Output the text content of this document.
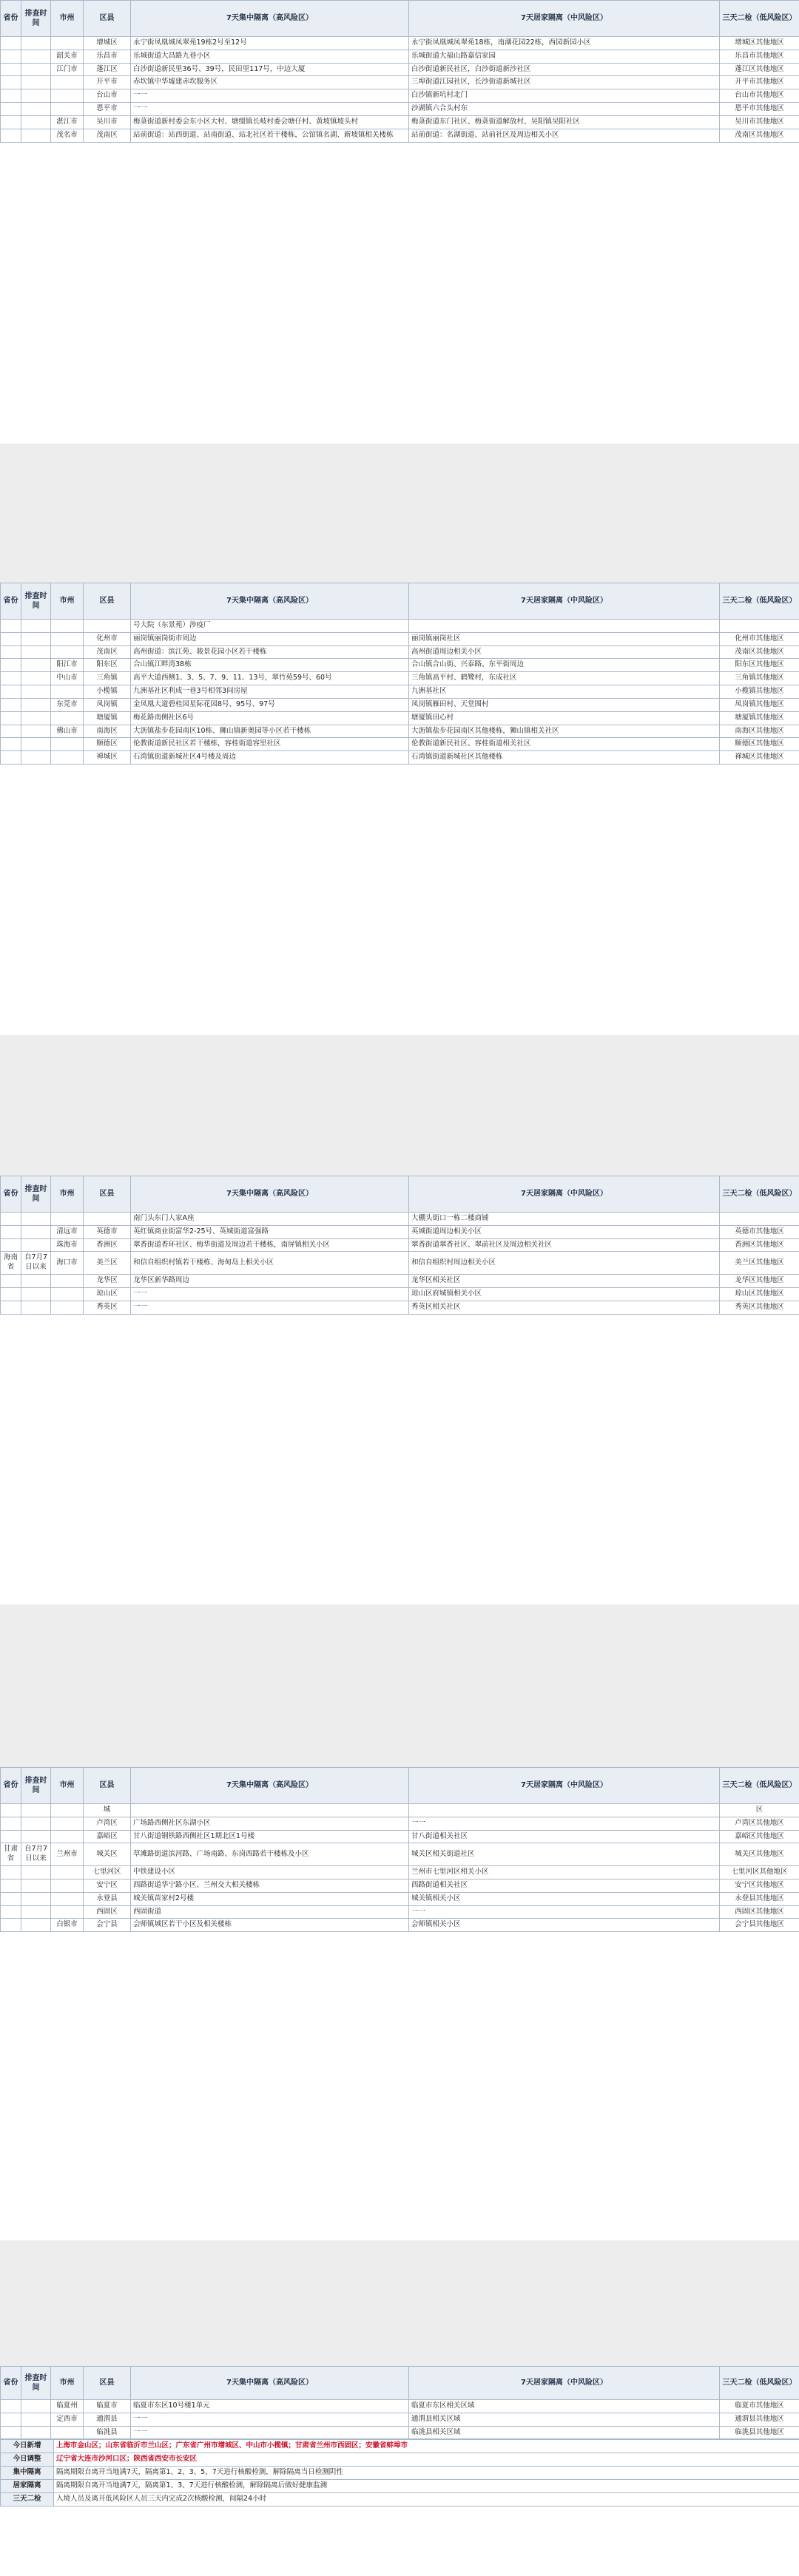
省份	排查时间	市州	区县	7天集中隔离（高风险区）	7天居家隔离（中风险区）	三天二检（低风险区）
			增城区	永宁街凤凰城凤翠苑19栋2号至12号	永宁街凤凰城凤翠苑18栋，南湖花园22栋，西园新园小区	增城区其他地区
		韶关市	乐昌市	乐城街道大昌路九巷小区	乐城街道大福山路嘉信家园	乐昌市其他地区
		江门市	蓬江区	白沙街道新民里36号、39号，民田里117号，中边大厦	白沙街道新民社区，白沙街道新沙社区	蓬江区其他地区
			开平市	赤坎镇中华墟建赤坎服务区	三埠街道江园社区，长沙街道新城社区	开平市其他地区
			台山市	一一	白沙镇新坑村北门	台山市其他地区
			恩平市	一一	沙湖镇六合头村东	恩平市其他地区
		湛江市	吴川市	梅菉街道新村委会东小区大村、塘缀镇长岐村委会塘仔村、黄坡镇坡头村	梅菉街道东门社区、梅菉街道解放村、吴阳镇吴阳社区	吴川市其他地区
		茂名市	茂南区	站前街道：站西街道、站南街道、站北社区若干楼栋，公馆镇名湖、新坡镇相关楼栋	站前街道：名湖街道、站前社区及周边相关小区	茂南区其他地区
省份	排查时间	市州	区县	7天集中隔离（高风险区）	7天居家隔离（中风险区）	三天二检（低风险区）
				号大院（东景苑）涉疫厂		
			化州市	丽岗镇丽岗街市周边	丽岗镇丽岗社区	化州市其他地区
			茂南区	高州街道：滨江苑、骏景花园小区若干楼栋	高州街道周边相关小区	茂南区其他地区
		阳江市	阳东区	合山镇江畔湾38栋	合山镇合山街、兴泰路、东平街周边	阳东区其他地区
		中山市	三角镇	高平大道西侧1、3、5、7、9、11、13号，翠竹苑59号、60号	三角镇高平村、鹤鹭村，东成社区	三角镇其他地区
			小榄镇	九洲基社区利成一巷3号相邻3间房屋	九洲基社区	小榄镇其他地区
		东莞市	凤岗镇	金凤凰大道碧桂园星际花园8号、95号、97号	凤岗镇雁田村、天堂围村	凤岗镇其他地区
			塘厦镇	梅花路南侧社区6号	塘厦镇田心村	塘厦镇其他地区
		佛山市	南海区	大沥镇盐步花园南区10栋、狮山镇新奥园等小区若干楼栋	大沥镇盐步花园南区其他楼栋，狮山镇相关社区	南海区其他地区
			顺德区	伦教街道新民社区若干楼栋，容桂街道容里社区	伦教街道新民社区、容桂街道相关社区	顺德区其他地区
			禅城区	石湾镇街道新城社区4号楼及周边	石湾镇街道新城社区其他楼栋	禅城区其他地区
省份	排查时间	市州	区县	7天集中隔离（高风险区）	7天居家隔离（中风险区）	三天二检（低风险区）
				南门头东门人家A座	大棚头街口一栋二楼商铺	
		清远市	英德市	英红镇商业街富华2-25号、英城街道富强路	英城街道周边相关小区	英德市其他地区
		珠海市	香洲区	翠香街道香环社区、梅华街道及周边若干楼栋，南屏镇相关小区	翠香街道翠香社区、翠前社区及周边相关社区	香洲区其他地区
海南省	自7月7日以来	海口市	美兰区	和信自组织村镇若干楼栋、海甸岛上相关小区	和信自组织村周边相关小区	美兰区其他地区
			龙华区	龙华区新华路周边	龙华区相关社区	龙华区其他地区
			琼山区	一一	琼山区府城镇相关小区	琼山区其他地区
			秀英区	一一	秀英区相关社区	秀英区其他地区
省份	排查时间	市州	区县	7天集中隔离（高风险区）	7天居家隔离（中风险区）	三天二检（低风险区）
			城			区
			卢湾区	广场路西侧社区东湖小区	一一	卢湾区其他地区
			嘉峪区	甘八街道钢铁路西侧社区1期北区1号楼	甘八街道相关社区	嘉峪区其他地区
甘肃省	自7月7日以来	兰州市	城关区	草滩路街道滨河路、广场南路、东岗西路若干楼栋及小区	城关区相关街道社区	城关区其他地区
			七里河区	中铁建设小区	兰州市七里河区相关小区	七里河区其他地区
			安宁区	西路街道华宁路小区、兰州交大相关楼栋	西路街道相关社区	安宁区其他地区
			永登县	城关镇苗家村2号楼	城关镇相关小区	永登县其他地区
			西固区	西固街道	一一	西固区其他地区
		白银市	会宁县	会师镇城区若干小区及相关楼栋	会师镇相关小区	会宁县其他地区
省份	排查时间	市州	区县	7天集中隔离（高风险区）	7天居家隔离（中风险区）	三天二检（低风险区）
		临夏州	临夏市	临夏市东区10号楼1单元	临夏市东区相关区域	临夏市其他地区
		定西市	通渭县	一一	通渭县相关区域	通渭县其他地区
			临洮县	一一	临洮县相关区域	临洮县其他地区
今日新增	上海市金山区；山东省临沂市兰山区；广东省广州市增城区、中山市小榄镇；甘肃省兰州市西固区；安徽省蚌埠市
今日调整	辽宁省大连市沙河口区；陕西省西安市长安区
集中隔离	隔离期限自离开当地满7天，隔离第1、2、3、5、7天进行核酸检测，解除隔离当日检测阴性
居家隔离	隔离期限自离开当地满7天，隔离第1、3、7天进行核酸检测，解除隔离后做好健康监测
三天二检	入境人员及离开低风险区人员三天内完成2次核酸检测，间隔24小时
